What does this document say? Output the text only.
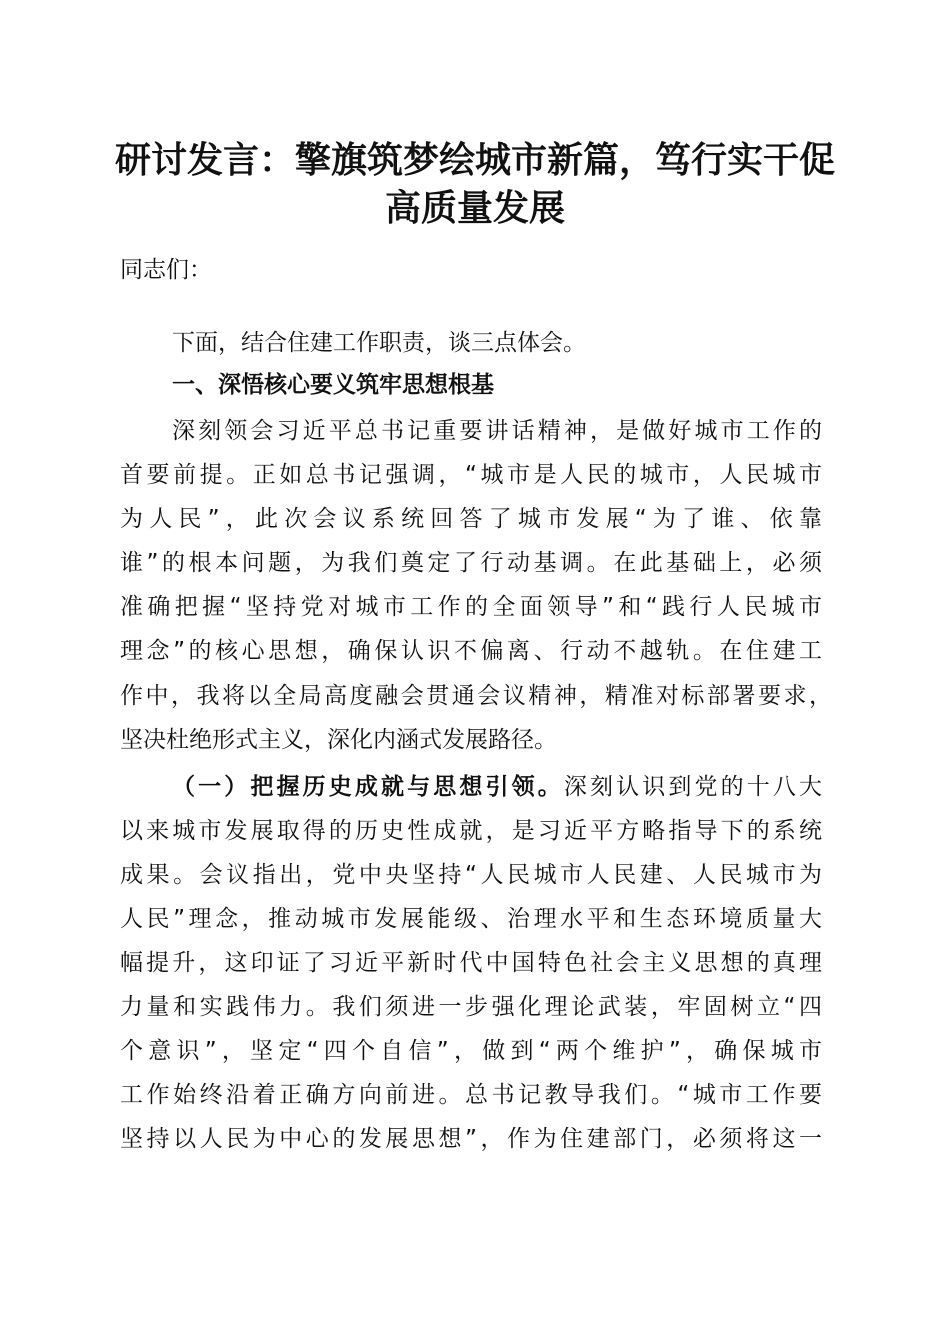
研讨发言：擎旗筑梦绘城市新篇，笃行实干促
高质量发展
同志们：
下面，结合住建工作职责，谈三点体会。
一、深悟核心要义筑牢思想根基
深刻领会习近平总书记重要讲话精神，是做好城市工作的
首要前提。正如总书记强调，“城市是人民的城市，人民城市
为人民”，此次会议系统回答了城市发展“为了谁、依靠
谁”的根本问题，为我们奠定了行动基调。在此基础上，必须
准确把握“坚持党对城市工作的全面领导”和“践行人民城市
理念”的核心思想，确保认识不偏离、行动不越轨。在住建工
作中，我将以全局高度融会贯通会议精神，精准对标部署要求，
坚决杜绝形式主义，深化内涵式发展路径。
（一）把握历史成就与思想引领。深刻认识到党的十八大
以来城市发展取得的历史性成就，是习近平方略指导下的系统
成果。会议指出，党中央坚持“人民城市人民建、人民城市为
人民”理念，推动城市发展能级、治理水平和生态环境质量大
幅提升，这印证了习近平新时代中国特色社会主义思想的真理
力量和实践伟力。我们须进一步强化理论武装，牢固树立“四
个意识”，坚定“四个自信”，做到“两个维护”，确保城市
工作始终沿着正确方向前进。总书记教导我们。“城市工作要
坚持以人民为中心的发展思想”，作为住建部门，必须将这一
